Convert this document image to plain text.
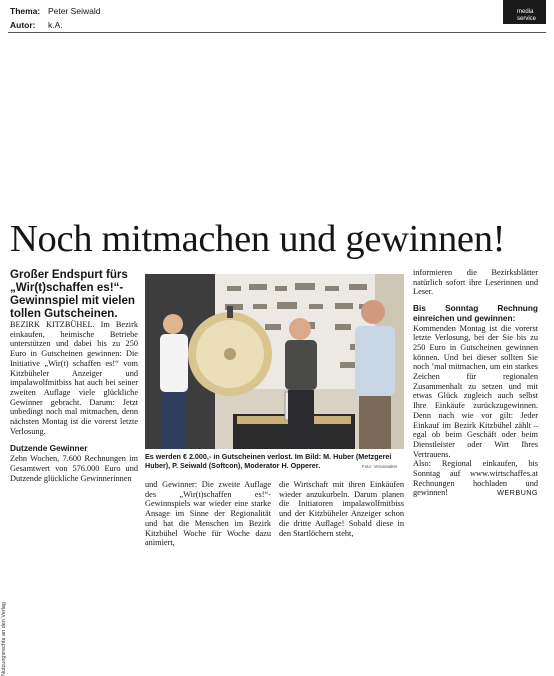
Thema: Peter Seiwald
Autor: k.A.
media
service
Noch mitmachen und gewinnen!

Großer Endspurt fürs „Wir(t)schaffen es!“-Gewinnspiel mit vielen tollen Gutscheinen.

BEZIRK KITZBÜHEL. Im Bezirk einkaufen, heimische Betriebe unterstützen und dabei bis zu 250 Euro in Gutscheinen gewinnen: Die Initiative „Wir(t) schaffen es!“ vom Kitzbüheler Anzeiger und impalawolfmitbiss hat auch bei seiner zweiten Auflage viele glückliche Gewinner gebracht. Darum: Jetzt unbedingt noch mal mitmachen, denn nächsten Montag ist die vorerst letzte Verlosung.

Dutzende Gewinner

Zehn Wochen, 7.600 Rechnungen im Gesamtwert von 576.000 Euro und Dutzende glückliche Gewinnerinnen

Es werden € 2.000,- in Gutscheinen verlost. Im Bild: M. Huber (Metzgerei Huber), P. Seiwald (Softcon), Moderator H. Opperer.	Foto: Veranstalter

und Gewinner: Die zweite Auflage des „Wir(t)schaffen es!“-Gewinnspiels war wieder eine starke Ansage im Sinne der Regionalität und hat die Menschen im Bezirk Kitzbühel Woche für Woche dazu animiert,

die Wirtschaft mit ihren Einkäufen wieder anzukurbeln. Darum planen die Initiatoren impalawolfmitbiss und der Kitzbüheler Anzeiger schon die dritte Auflage! Sobald diese in den Startlöchern steht,

informieren die Bezirksblätter natürlich sofort ihre Leserinnen und Leser.

Bis Sonntag Rechnung einreichen und gewinnen:

Kommenden Montag ist die vorerst letzte Verlosung, bei der Sie bis zu 250 Euro in Gutscheinen gewinnen können. Und bei dieser sollten Sie noch ’mal mitmachen, um ein starkes Zeichen für regionalen Zusammenhalt zu setzen und mit etwas Glück zugleich auch selbst Ihre Einkäufe zurückzugewinnen. Denn nach wie vor gilt: Jeder Einkauf im Bezirk Kitzbühel zählt – egal ob beim Geschäft oder beim Dienstleister oder Wirt Ihres Vertrauens.

Also: Regional einkaufen, bis Sonntag auf www.wirtschaffes.at Rechnungen hochladen und gewinnen!	WERBUNG

Nutzungsrechte an den Verlag
